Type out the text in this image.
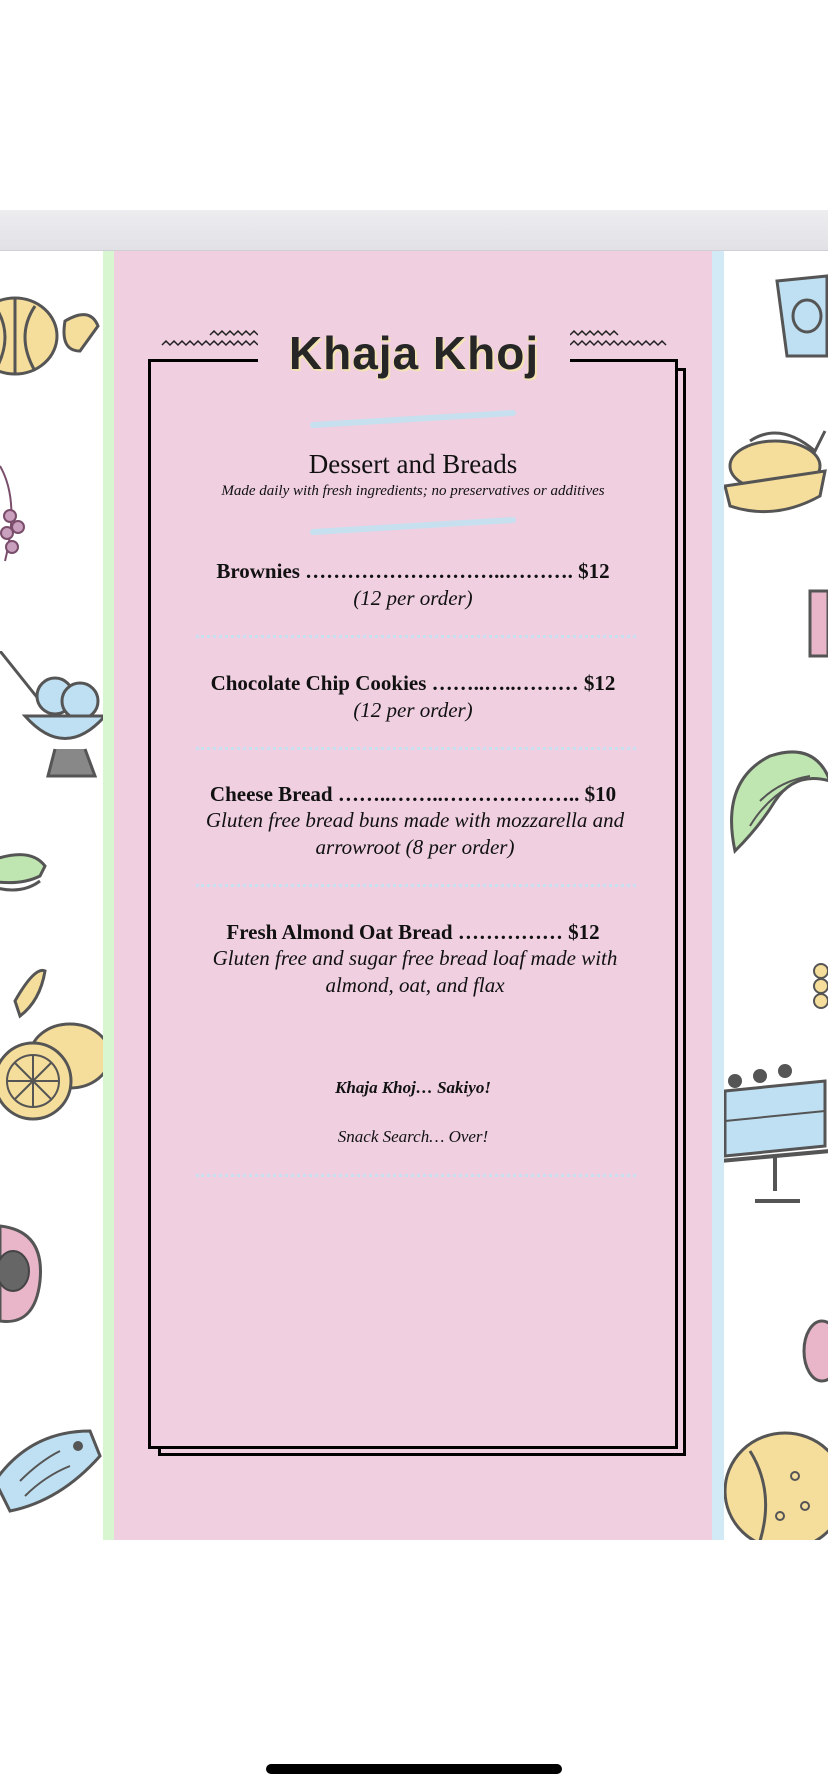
Khaja Khoj
Dessert and Breads
Made daily with fresh ingredients; no preservatives or additives
Brownies ………………………..………. $12
(12 per order)
Chocolate Chip Cookies ……..…..……… $12
(12 per order)
Cheese Bread ……..……..……………….. $10
Gluten free bread buns made with mozzarella and arrowroot (8 per order)
Fresh Almond Oat Bread …………… $12
Gluten free and sugar free bread loaf made with almond, oat, and flax
Khaja Khoj… Sakiyo!
Snack Search… Over!
